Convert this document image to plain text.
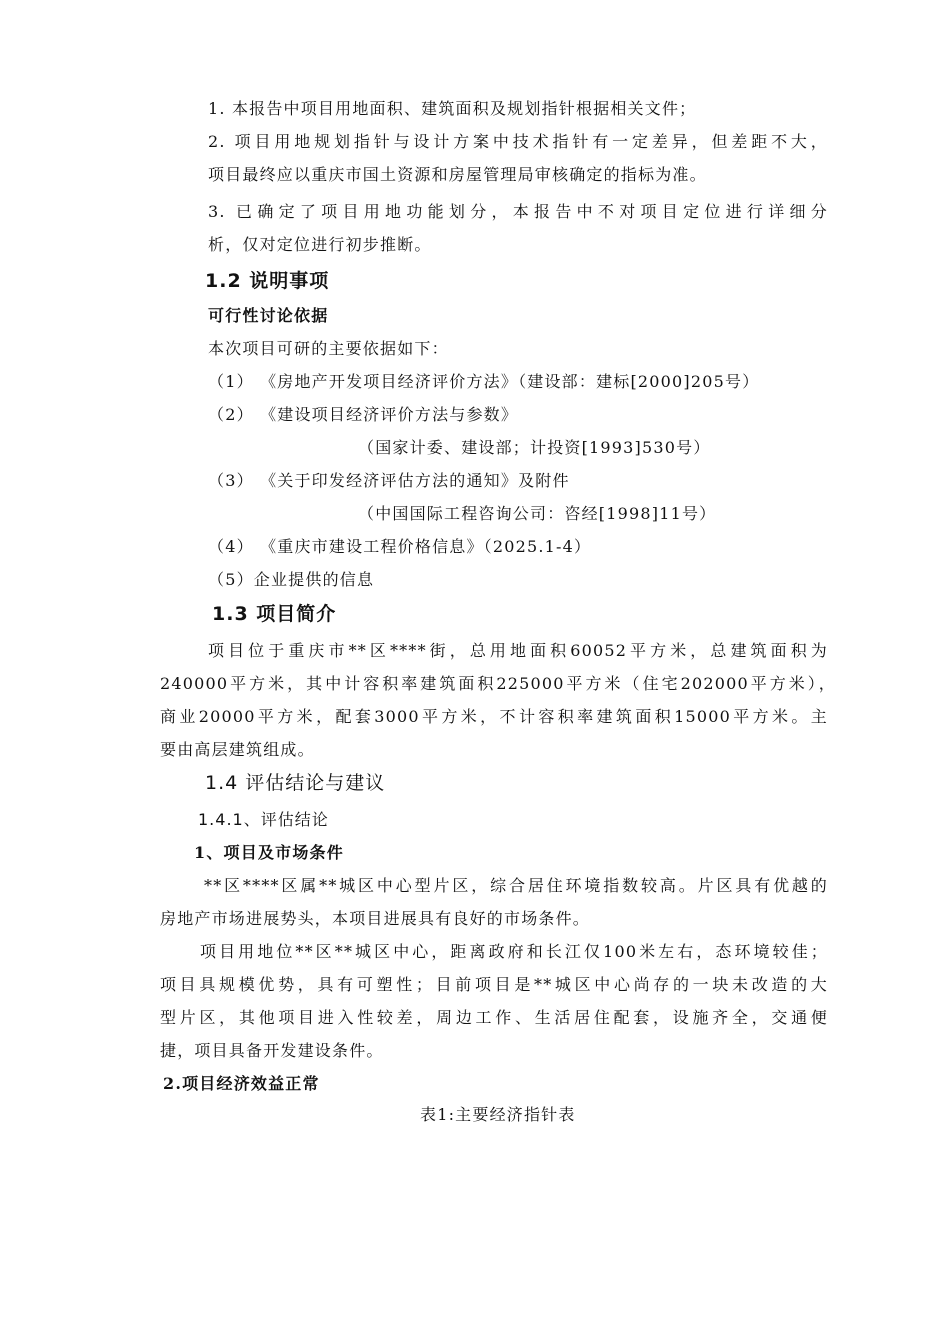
1. 本报告中项目用地面积、建筑面积及规划指针根据相关文件；
2. 项目用地规划指针与设计方案中技术指针有一定差异，但差距不大，
项目最终应以重庆市国土资源和房屋管理局审核确定的指标为准。
3. 已确定了项目用地功能划分，本报告中不对项目定位进行详细分
析，仅对定位进行初步推断。
1.2 说明事项
可行性讨论依据
本次项目可研的主要依据如下：
（1） 《房地产开发项目经济评价方法》（建设部：建标[2000]205号）
（2） 《建设项目经济评价方法与参数》
（国家计委、建设部；计投资[1993]530号）
（3） 《关于印发经济评估方法的通知》及附件
（中国国际工程咨询公司：咨经[1998]11号）
（4） 《重庆市建设工程价格信息》（2025.1-4）
（5）企业提供的信息
1.3 项目简介
项目位于重庆市**区****街，总用地面积60052平方米，总建筑面积为
240000平方米，其中计容积率建筑面积225000平方米（住宅202000平方米），
商业20000平方米，配套3000平方米，不计容积率建筑面积15000平方米。主
要由高层建筑组成。
1.4 评估结论与建议
1.4.1、评估结论
1、项目及市场条件
**区****区属**城区中心型片区，综合居住环境指数较高。片区具有优越的
房地产市场进展势头，本项目进展具有良好的市场条件。
项目用地位**区**城区中心，距离政府和长江仅100米左右，态环境较佳；
项目具规模优势，具有可塑性；目前项目是**城区中心尚存的一块未改造的大
型片区，其他项目进入性较差，周边工作、生活居住配套，设施齐全，交通便
捷，项目具备开发建设条件。
2.项目经济效益正常
表1:主要经济指针表
